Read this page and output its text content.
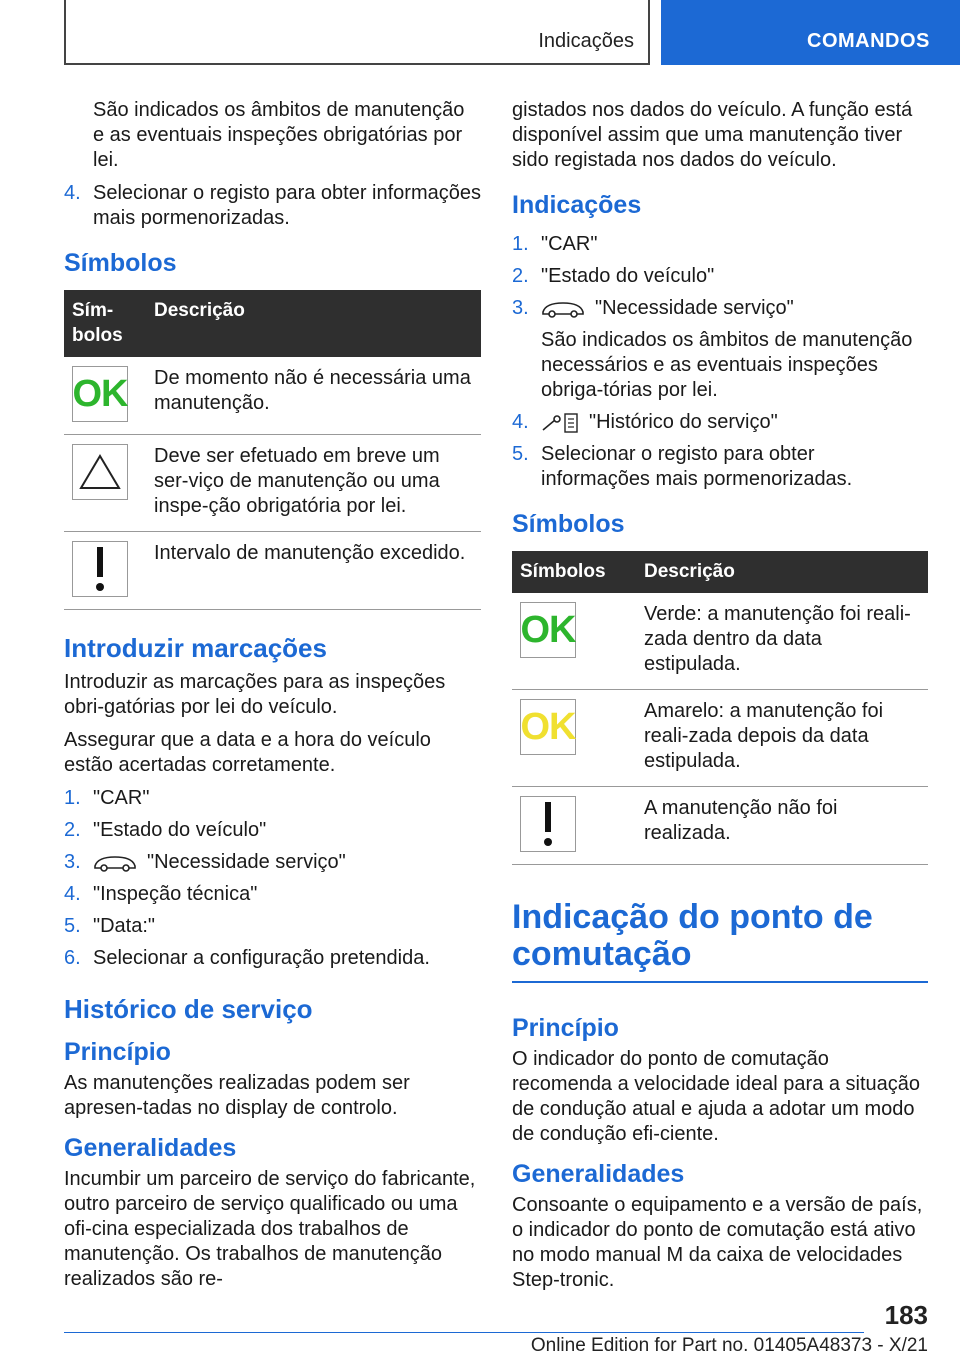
Indicações	COMANDOS

São indicados os âmbitos de manutenção e as eventuais inspeções obrigatórias por lei.

4. Selecionar o registo para obter informações mais pormenorizadas.
Símbolos
Sím-bolos	Descrição

OK	De momento não é necessária uma manutenção.

	Deve ser efetuado em breve um ser-viço de manutenção ou uma inspe-ção obrigatória por lei.

	Intervalo de manutenção excedido.
Introduzir marcações

Introduzir as marcações para as inspeções obri-gatórias por lei do veículo.

Assegurar que a data e a hora do veículo estão acertadas corretamente.

1. "CAR"
2. "Estado do veículo"
3.	"Necessidade serviço"
4. "Inspeção técnica"
5. "Data:"
6. Selecionar a configuração pretendida.
Histórico de serviço
Princípio

As manutenções realizadas podem ser apresen-tadas no display de controlo.

Generalidades

Incumbir um parceiro de serviço do fabricante, outro parceiro de serviço qualificado ou uma ofi-cina especializada dos trabalhos de manutenção. Os trabalhos de manutenção realizados são re-

gistados nos dados do veículo. A função está disponível assim que uma manutenção tiver sido registada nos dados do veículo.

Indicações
1. "CAR"
2. "Estado do veículo"
3.	"Necessidade serviço"
São indicados os âmbitos de manutenção necessários e as eventuais inspeções obriga-tórias por lei.
4.	"Histórico do serviço"
5. Selecionar o registo para obter informações mais pormenorizadas.
Símbolos
Símbolos	Descrição

OK	Verde: a manutenção foi reali-zada dentro da data estipulada.

OK	Amarelo: a manutenção foi reali-zada depois da data estipulada.

	A manutenção não foi realizada.
Indicação do ponto de comutação
Princípio

O indicador do ponto de comutação recomenda a velocidade ideal para a situação de condução atual e ajuda a adotar um modo de condução efi-ciente.

Generalidades

Consoante o equipamento e a versão de país, o indicador do ponto de comutação está ativo no modo manual M da caixa de velocidades Step-tronic.

183
Online Edition for Part no. 01405A48373 - X/21
